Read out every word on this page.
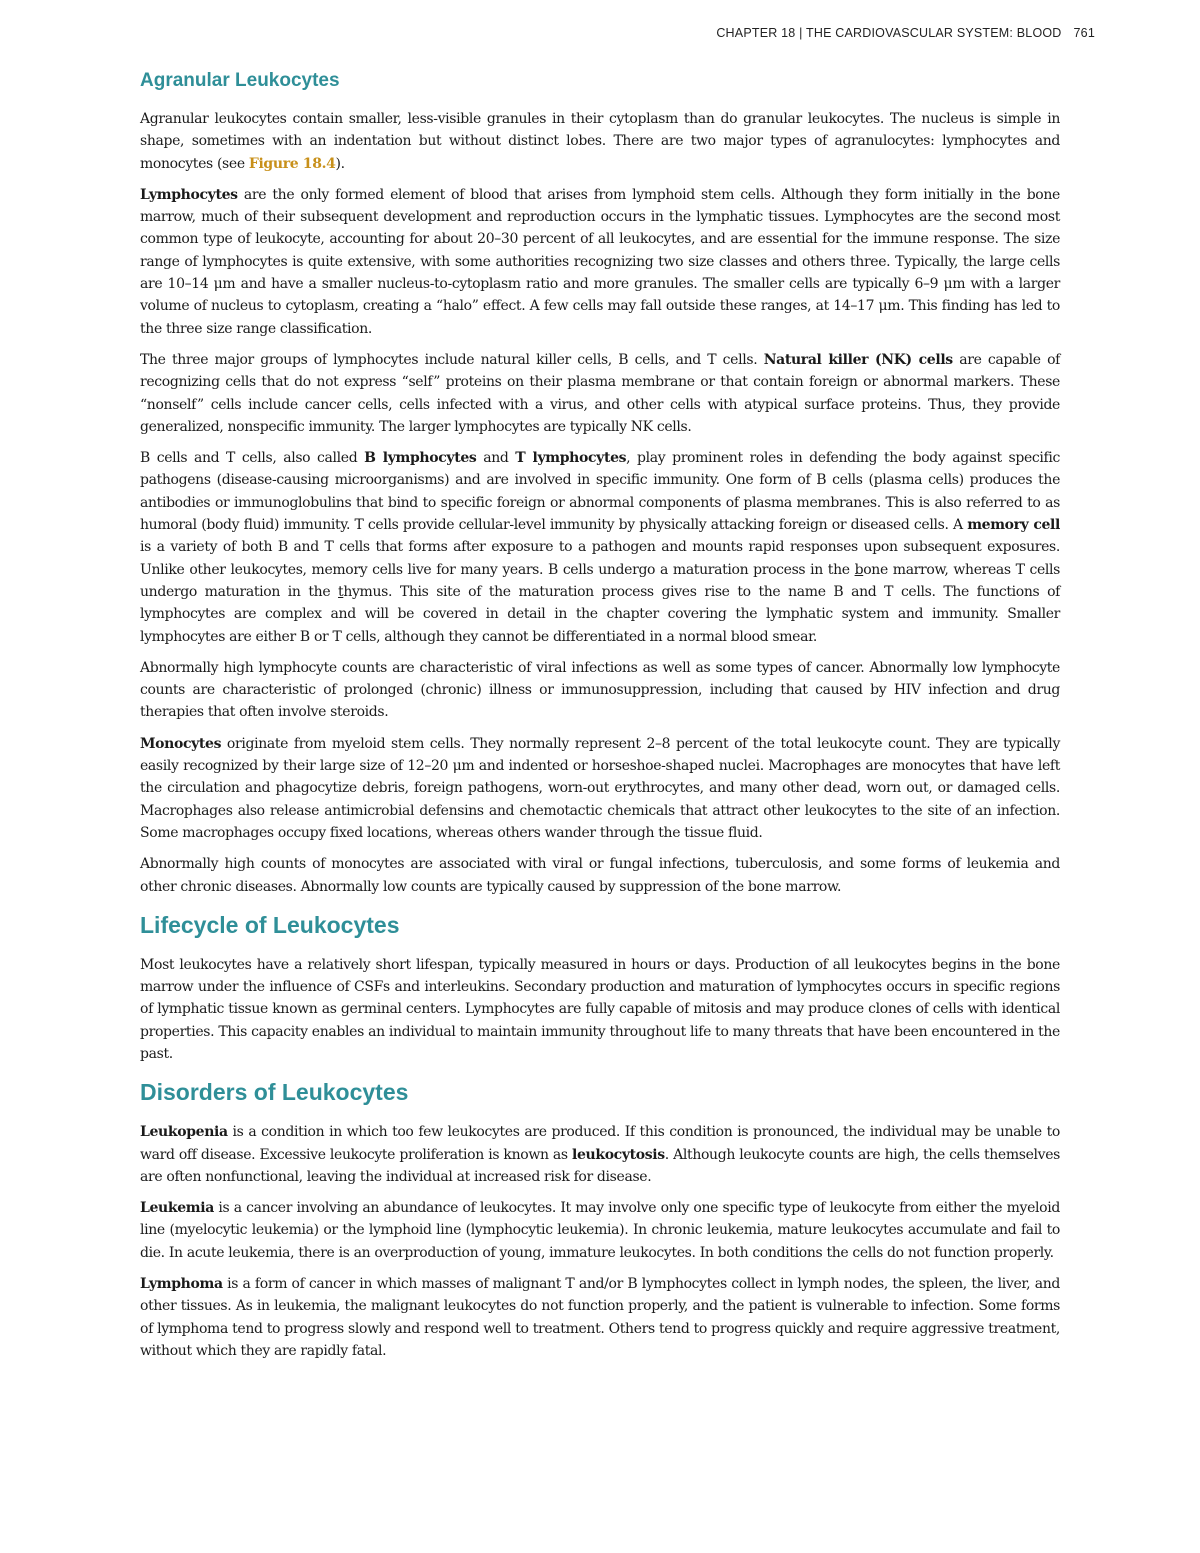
CHAPTER 18 | THE CARDIOVASCULAR SYSTEM: BLOOD 761
Agranular Leukocytes

Agranular leukocytes contain smaller, less-visible granules in their cytoplasm than do granular leukocytes. The nucleus is simple in shape, sometimes with an indentation but without distinct lobes. There are two major types of agranulocytes: lymphocytes and monocytes (see Figure 18.4).

Lymphocytes are the only formed element of blood that arises from lymphoid stem cells. Although they form initially in the bone marrow, much of their subsequent development and reproduction occurs in the lymphatic tissues. Lymphocytes are the second most common type of leukocyte, accounting for about 20–30 percent of all leukocytes, and are essential for the immune response. The size range of lymphocytes is quite extensive, with some authorities recognizing two size classes and others three. Typically, the large cells are 10–14 μm and have a smaller nucleus-to-cytoplasm ratio and more granules. The smaller cells are typically 6–9 μm with a larger volume of nucleus to cytoplasm, creating a “halo” effect. A few cells may fall outside these ranges, at 14–17 μm. This finding has led to the three size range classification.

The three major groups of lymphocytes include natural killer cells, B cells, and T cells. Natural killer (NK) cells are capable of recognizing cells that do not express “self” proteins on their plasma membrane or that contain foreign or abnormal markers. These “nonself” cells include cancer cells, cells infected with a virus, and other cells with atypical surface proteins. Thus, they provide generalized, nonspecific immunity. The larger lymphocytes are typically NK cells.

B cells and T cells, also called B lymphocytes and T lymphocytes, play prominent roles in defending the body against specific pathogens (disease-causing microorganisms) and are involved in specific immunity. One form of B cells (plasma cells) produces the antibodies or immunoglobulins that bind to specific foreign or abnormal components of plasma membranes. This is also referred to as humoral (body fluid) immunity. T cells provide cellular-level immunity by physically attacking foreign or diseased cells. A memory cell is a variety of both B and T cells that forms after exposure to a pathogen and mounts rapid responses upon subsequent exposures. Unlike other leukocytes, memory cells live for many years. B cells undergo a maturation process in the bone marrow, whereas T cells undergo maturation in the thymus. This site of the maturation process gives rise to the name B and T cells. The functions of lymphocytes are complex and will be covered in detail in the chapter covering the lymphatic system and immunity. Smaller lymphocytes are either B or T cells, although they cannot be differentiated in a normal blood smear.

Abnormally high lymphocyte counts are characteristic of viral infections as well as some types of cancer. Abnormally low lymphocyte counts are characteristic of prolonged (chronic) illness or immunosuppression, including that caused by HIV infection and drug therapies that often involve steroids.

Monocytes originate from myeloid stem cells. They normally represent 2–8 percent of the total leukocyte count. They are typically easily recognized by their large size of 12–20 μm and indented or horseshoe-shaped nuclei. Macrophages are monocytes that have left the circulation and phagocytize debris, foreign pathogens, worn-out erythrocytes, and many other dead, worn out, or damaged cells. Macrophages also release antimicrobial defensins and chemotactic chemicals that attract other leukocytes to the site of an infection. Some macrophages occupy fixed locations, whereas others wander through the tissue fluid.

Abnormally high counts of monocytes are associated with viral or fungal infections, tuberculosis, and some forms of leukemia and other chronic diseases. Abnormally low counts are typically caused by suppression of the bone marrow.

Lifecycle of Leukocytes

Most leukocytes have a relatively short lifespan, typically measured in hours or days. Production of all leukocytes begins in the bone marrow under the influence of CSFs and interleukins. Secondary production and maturation of lymphocytes occurs in specific regions of lymphatic tissue known as germinal centers. Lymphocytes are fully capable of mitosis and may produce clones of cells with identical properties. This capacity enables an individual to maintain immunity throughout life to many threats that have been encountered in the past.

Disorders of Leukocytes

Leukopenia is a condition in which too few leukocytes are produced. If this condition is pronounced, the individual may be unable to ward off disease. Excessive leukocyte proliferation is known as leukocytosis. Although leukocyte counts are high, the cells themselves are often nonfunctional, leaving the individual at increased risk for disease.

Leukemia is a cancer involving an abundance of leukocytes. It may involve only one specific type of leukocyte from either the myeloid line (myelocytic leukemia) or the lymphoid line (lymphocytic leukemia). In chronic leukemia, mature leukocytes accumulate and fail to die. In acute leukemia, there is an overproduction of young, immature leukocytes. In both conditions the cells do not function properly.

Lymphoma is a form of cancer in which masses of malignant T and/or B lymphocytes collect in lymph nodes, the spleen, the liver, and other tissues. As in leukemia, the malignant leukocytes do not function properly, and the patient is vulnerable to infection. Some forms of lymphoma tend to progress slowly and respond well to treatment. Others tend to progress quickly and require aggressive treatment, without which they are rapidly fatal.
